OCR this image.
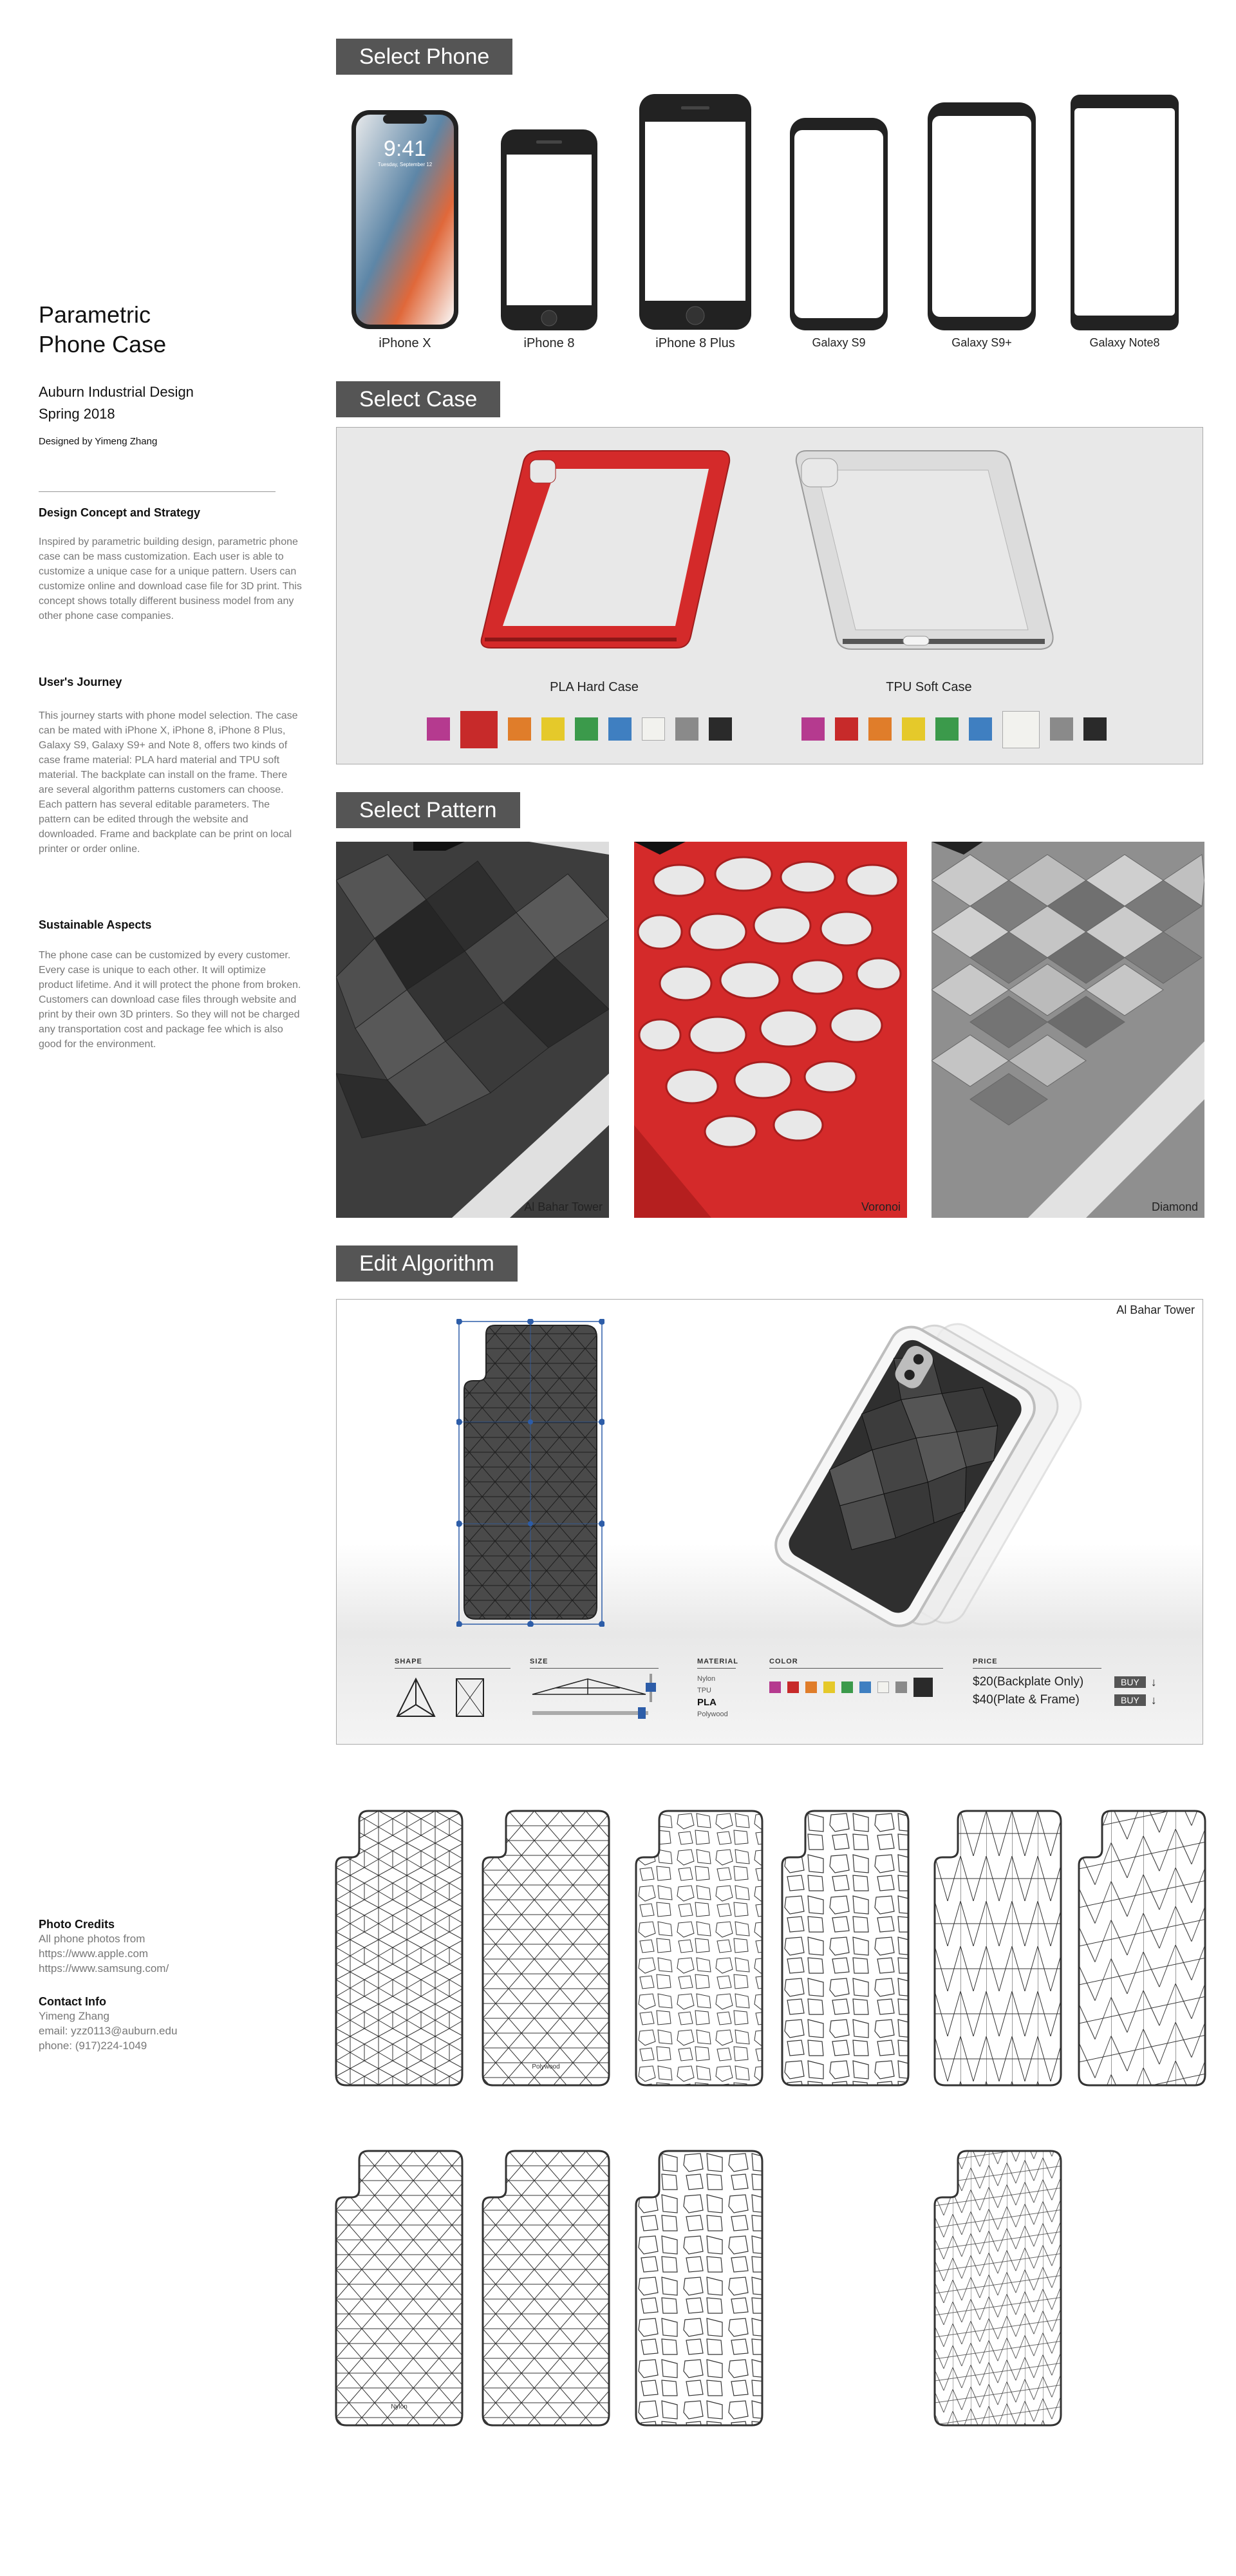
Parametric
Phone Case
Auburn Industrial Design
Spring 2018
Designed by Yimeng Zhang
Design Concept and Strategy
Inspired by parametric building design, parametric phone case can be mass customization. Each user is able to customize a unique case for a unique pattern. Users can customize online and download case file for 3D print. This concept shows totally different business model from any other phone case companies.
User's Journey
This journey starts with phone model selection. The case can be mated with iPhone X, iPhone 8, iPhone 8 Plus, Galaxy S9, Galaxy S9+ and Note 8, offers two kinds of case frame material: PLA hard material and TPU soft material. The backplate can install on the frame. There are several algorithm patterns customers can choose. Each pattern has several editable parameters. The pattern can be edited through the website and downloaded. Frame and backplate can be print on local printer or order online.
Sustainable Aspects
The phone case can be customized by every customer. Every case is unique to each other. It will optimize product lifetime. And it will protect the phone from broken. Customers can download case files through website and print by their own 3D printers. So they will not be charged any transportation cost and package fee which is also good for the environment.
Photo Credits
All phone photos from
https://www.apple.com
https://www.samsung.com/
Contact Info
Yimeng Zhang
email: yzz0113@auburn.edu
phone: (917)224-1049
Select Phone
9:41
Tuesday, September 12
iPhone X	iPhone 8	iPhone 8 Plus	Galaxy S9	Galaxy S9+	Galaxy Note8
Select Case
PLA Hard Case	TPU Soft Case
Select Pattern
Al Bahar Tower	Voronoi	Diamond
Edit Algorithm
Al Bahar Tower
SHAPE	SIZE	MATERIAL
Nylon
TPU
PLA
Polywood
COLOR	PRICE
$20(Backplate Only)	BUY	↓
$40(Plate & Frame)	BUY	↓
Polywood
Nylon
